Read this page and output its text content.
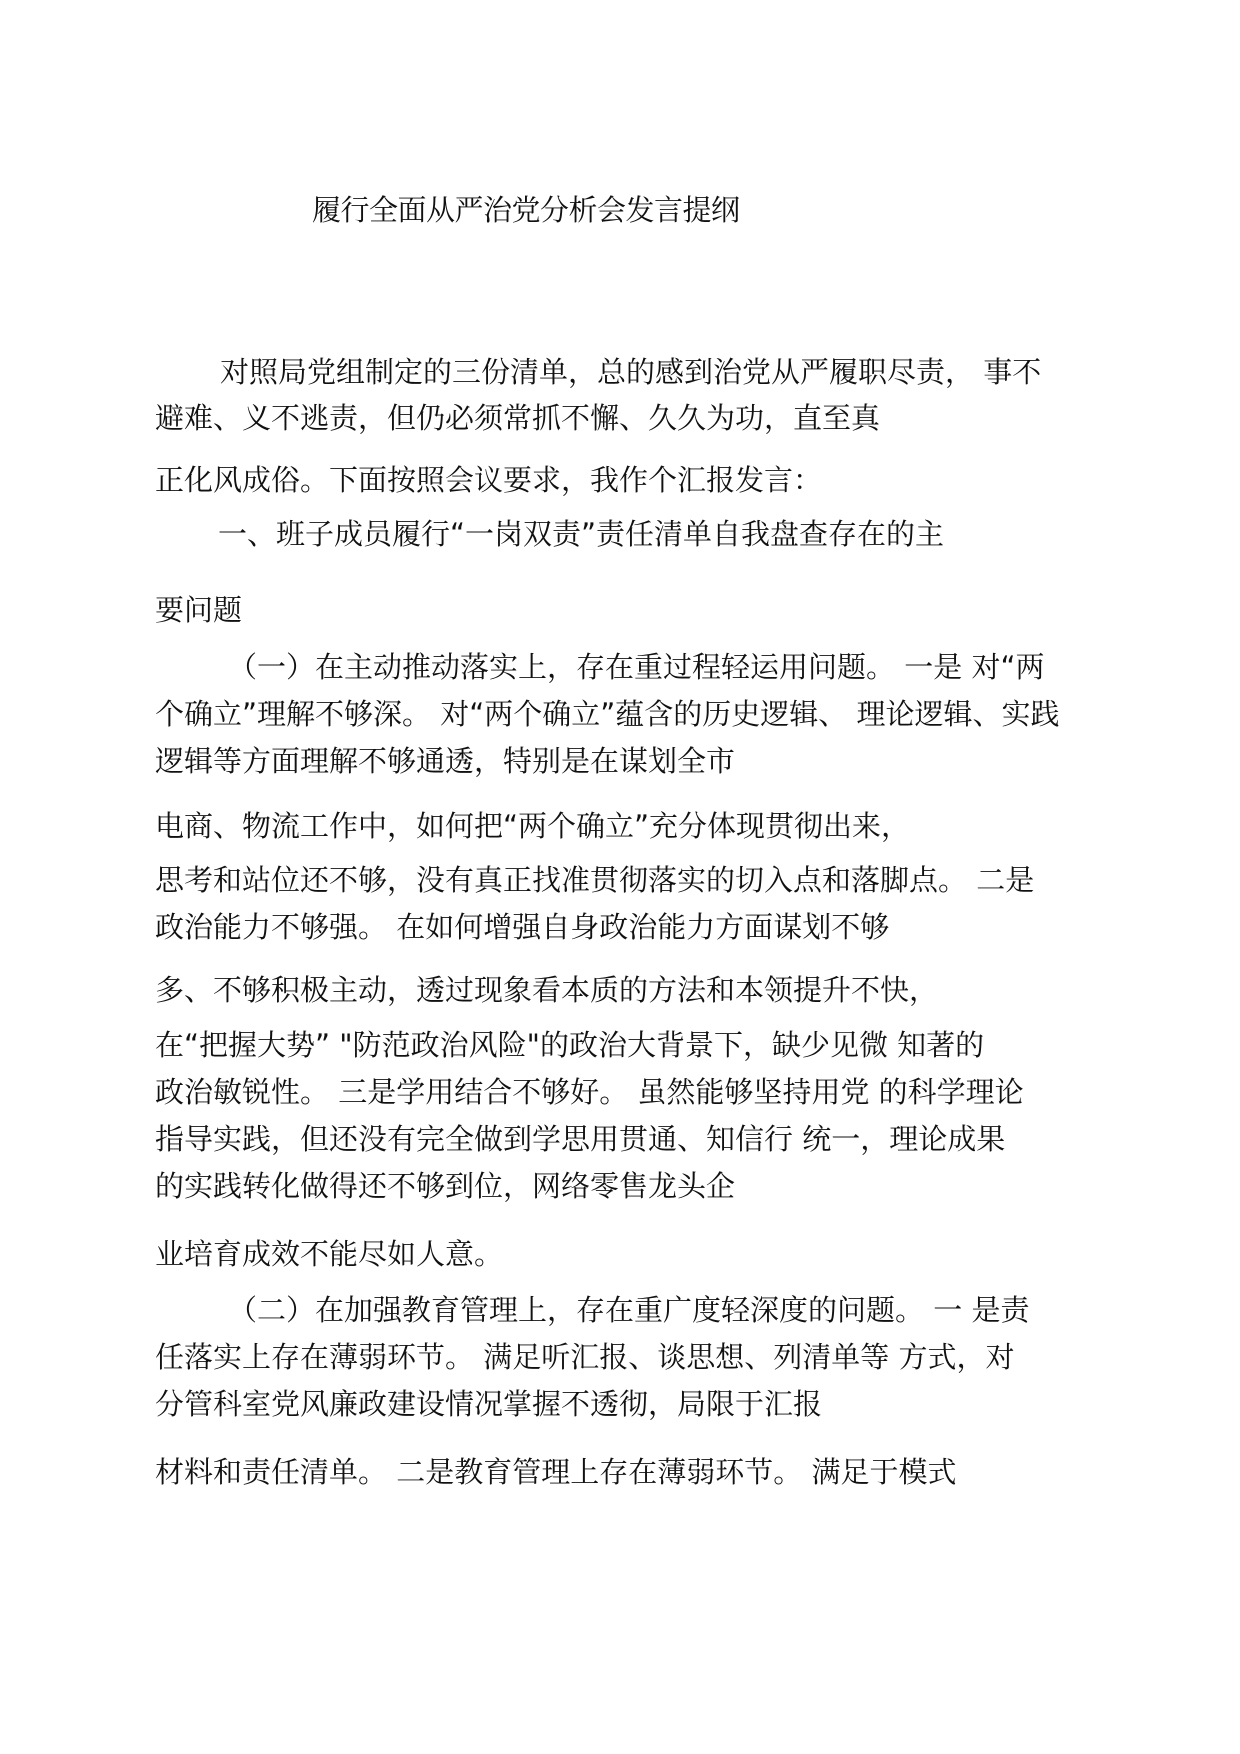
履行全面从严治党分析会发言提纲
对照局党组制定的三份清单，总的感到治党从严履职尽责， 事不
避难、义不逃责，但仍必须常抓不懈、久久为功，直至真
正化风成俗。下面按照会议要求，我作个汇报发言：
一、班子成员履行“一岗双责”责任清单自我盘查存在的主
要问题
（一）在主动推动落实上，存在重过程轻运用问题。 一是 对“两
个确立”理解不够深。 对“两个确立”蕴含的历史逻辑、 理论逻辑、实践
逻辑等方面理解不够通透，特别是在谋划全市
电商、物流工作中，如何把“两个确立”充分体现贯彻出来，
思考和站位还不够，没有真正找准贯彻落实的切入点和落脚点。 二是
政治能力不够强。 在如何增强自身政治能力方面谋划不够
多、不够积极主动，透过现象看本质的方法和本领提升不快，
在“把握大势” "防范政治风险"的政治大背景下，缺少见微 知著的
政治敏锐性。 三是学用结合不够好。 虽然能够坚持用党 的科学理论
指导实践，但还没有完全做到学思用贯通、知信行 统一，理论成果
的实践转化做得还不够到位，网络零售龙头企
业培育成效不能尽如人意。
（二）在加强教育管理上，存在重广度轻深度的问题。 一 是责
任落实上存在薄弱环节。 满足听汇报、谈思想、列清单等 方式，对
分管科室党风廉政建设情况掌握不透彻，局限于汇报
材料和责任清单。 二是教育管理上存在薄弱环节。 满足于模式
